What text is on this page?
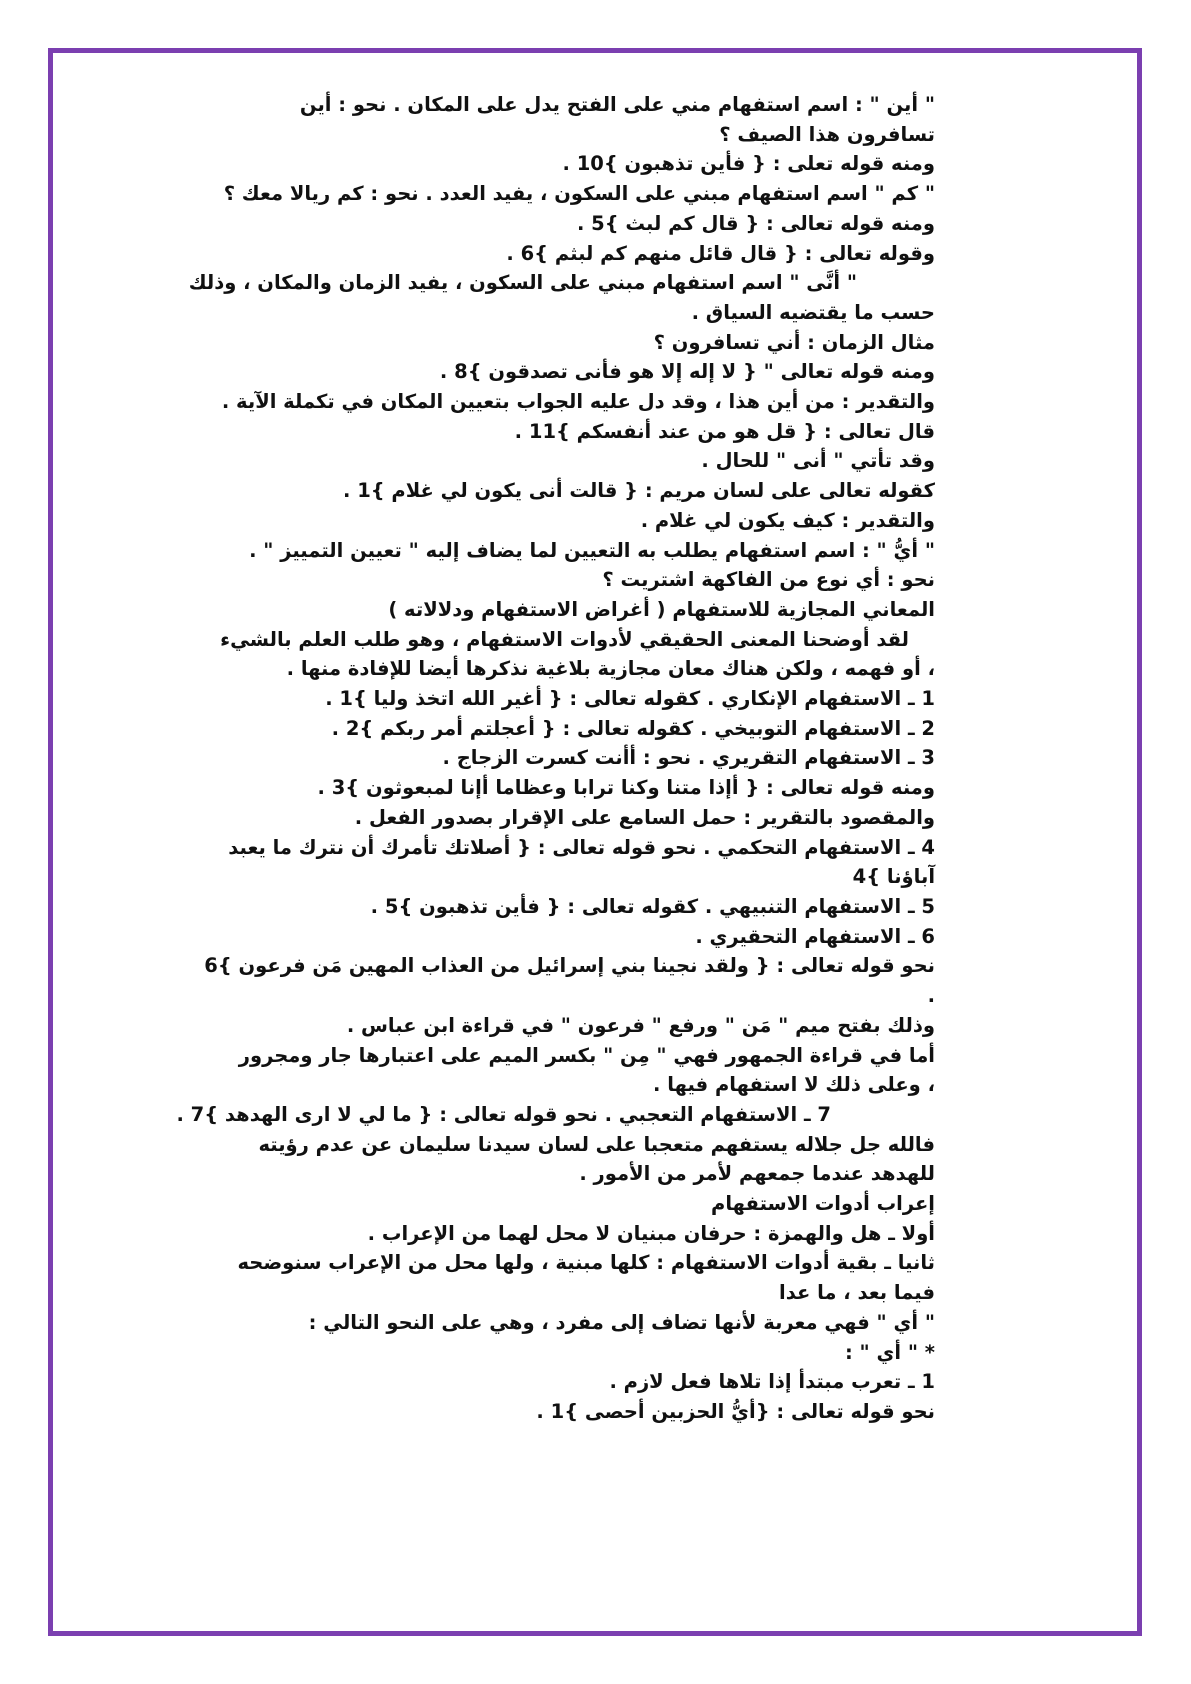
" أين " : اسم استفهام مني على الفتح يدل على المكان . نحو : أين
تسافرون هذا الصيف ؟
ومنه قوله تعلى : { فأين تذهبون }10 .
" كم " اسم استفهام مبني على السكون ، يفيد العدد . نحو : كم ريالا معك ؟
ومنه قوله تعالى : { قال كم لبث }5 .
وقوله تعالى : { قال قائل منهم كم لبثم }6 .
" أنَّى " اسم استفهام مبني على السكون ، يفيد الزمان والمكان ، وذلك
حسب ما يقتضيه السياق .
مثال الزمان : أني تسافرون ؟
ومنه قوله تعالى " { لا إله إلا هو فأنى تصدقون }8 .
والتقدير : من أين هذا ، وقد دل عليه الجواب بتعيين المكان في تكملة الآية .
قال تعالى : { قل هو من عند أنفسكم }11 .
وقد تأتي " أنى " للحال .
كقوله تعالى على لسان مريم : { قالت أنى يكون لي غلام }1 .
والتقدير : كيف يكون لي غلام .
" أيُّ " : اسم استفهام يطلب به التعيين لما يضاف إليه " تعيين التمييز " .
نحو : أي نوع من الفاكهة اشتريت ؟
المعاني المجازية للاستفهام ( أغراض الاستفهام ودلالاته )
لقد أوضحنا المعنى الحقيقي لأدوات الاستفهام ، وهو طلب العلم بالشيء
، أو فهمه ، ولكن هناك معان مجازية بلاغية نذكرها أيضا للإفادة منها .
1 ـ الاستفهام الإنكاري . كقوله تعالى : { أغير الله اتخذ وليا }1 .
2 ـ الاستفهام التوبيخي . كقوله تعالى : { أعجلتم أمر ربكم }2 .
3 ـ الاستفهام التقريري . نحو : أأنت كسرت الزجاج .
ومنه قوله تعالى : { أإذا متنا وكنا ترابا وعظاما أإنا لمبعوثون }3 .
والمقصود بالتقرير : حمل السامع على الإقرار بصدور الفعل .
4 ـ الاستفهام التحكمي . نحو قوله تعالى : { أصلاتك تأمرك أن نترك ما يعبد
آباؤنا }4
5 ـ الاستفهام التنبيهي . كقوله تعالى : { فأين تذهبون }5 .
6 ـ الاستفهام التحقيري .
نحو قوله تعالى : { ولقد نجينا بني إسرائيل من العذاب المهين مَن فرعون }6
.
وذلك بفتح ميم " مَن " ورفع " فرعون " في قراءة ابن عباس .
أما في قراءة الجمهور فهي " مِن " بكسر الميم على اعتبارها جار ومجرور
، وعلى ذلك لا استفهام فيها .
7 ـ الاستفهام التعجبي . نحو قوله تعالى : { ما لي لا ارى الهدهد }7 .
فالله جل جلاله يستفهم متعجبا على لسان سيدنا سليمان عن عدم رؤيته
للهدهد عندما جمعهم لأمر من الأمور .
إعراب أدوات الاستفهام
أولا ـ هل والهمزة : حرفان مبنيان لا محل لهما من الإعراب .
ثانيا ـ بقية أدوات الاستفهام : كلها مبنية ، ولها محل من الإعراب سنوضحه
فيما بعد ، ما عدا
" أي " فهي معربة لأنها تضاف إلى مفرد ، وهي على النحو التالي :
* " أي " :
1 ـ تعرب مبتدأ إذا تلاها فعل لازم .
نحو قوله تعالى : {أيُّ الحزبين أحصى }1 .
